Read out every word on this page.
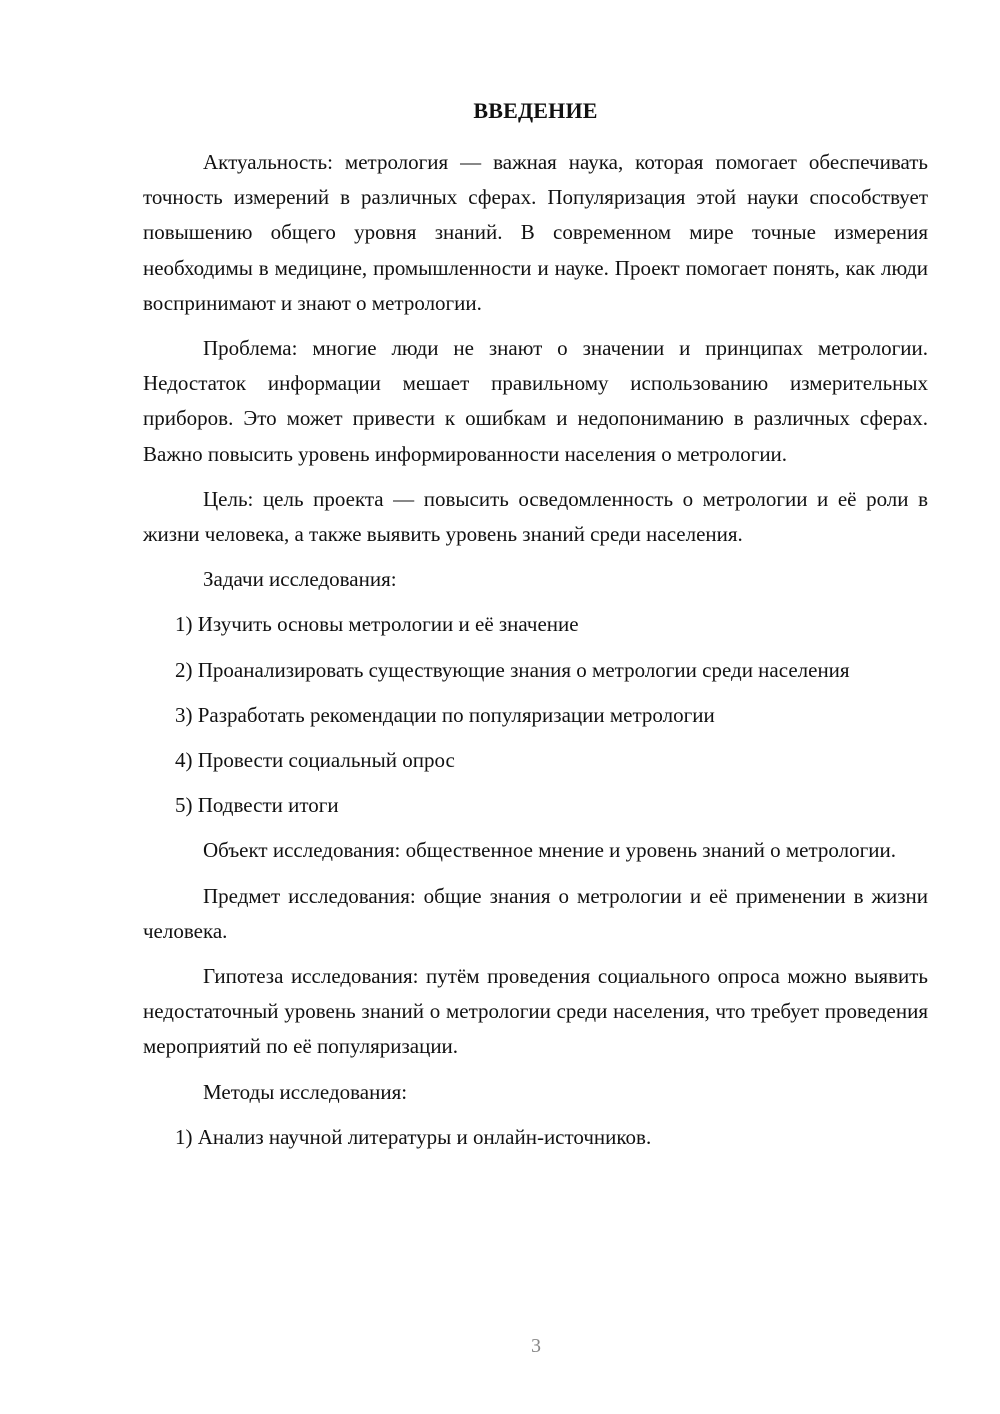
ВВЕДЕНИЕ

Актуальность: метрология — важная наука, которая помогает обеспечивать точность измерений в различных сферах. Популяризация этой науки способствует повышению общего уровня знаний. В современном мире точные измерения необходимы в медицине, промышленности и науке. Проект помогает понять, как люди воспринимают и знают о метрологии.

Проблема: многие люди не знают о значении и принципах метрологии. Недостаток информации мешает правильному использованию измерительных приборов. Это может привести к ошибкам и недопониманию в различных сферах. Важно повысить уровень информированности населения о метрологии.

Цель: цель проекта — повысить осведомленность о метрологии и её роли в жизни человека, а также выявить уровень знаний среди населения.

Задачи исследования:

1) Изучить основы метрологии и её значение

2) Проанализировать существующие знания о метрологии среди населения

3) Разработать рекомендации по популяризации метрологии

4) Провести социальный опрос

5) Подвести итоги

Объект исследования: общественное мнение и уровень знаний о метрологии.

Предмет исследования: общие знания о метрологии и её применении в жизни человека.

Гипотеза исследования: путём проведения социального опроса можно выявить недостаточный уровень знаний о метрологии среди населения, что требует проведения мероприятий по её популяризации.

Методы исследования:

1) Анализ научной литературы и онлайн-источников.

3
